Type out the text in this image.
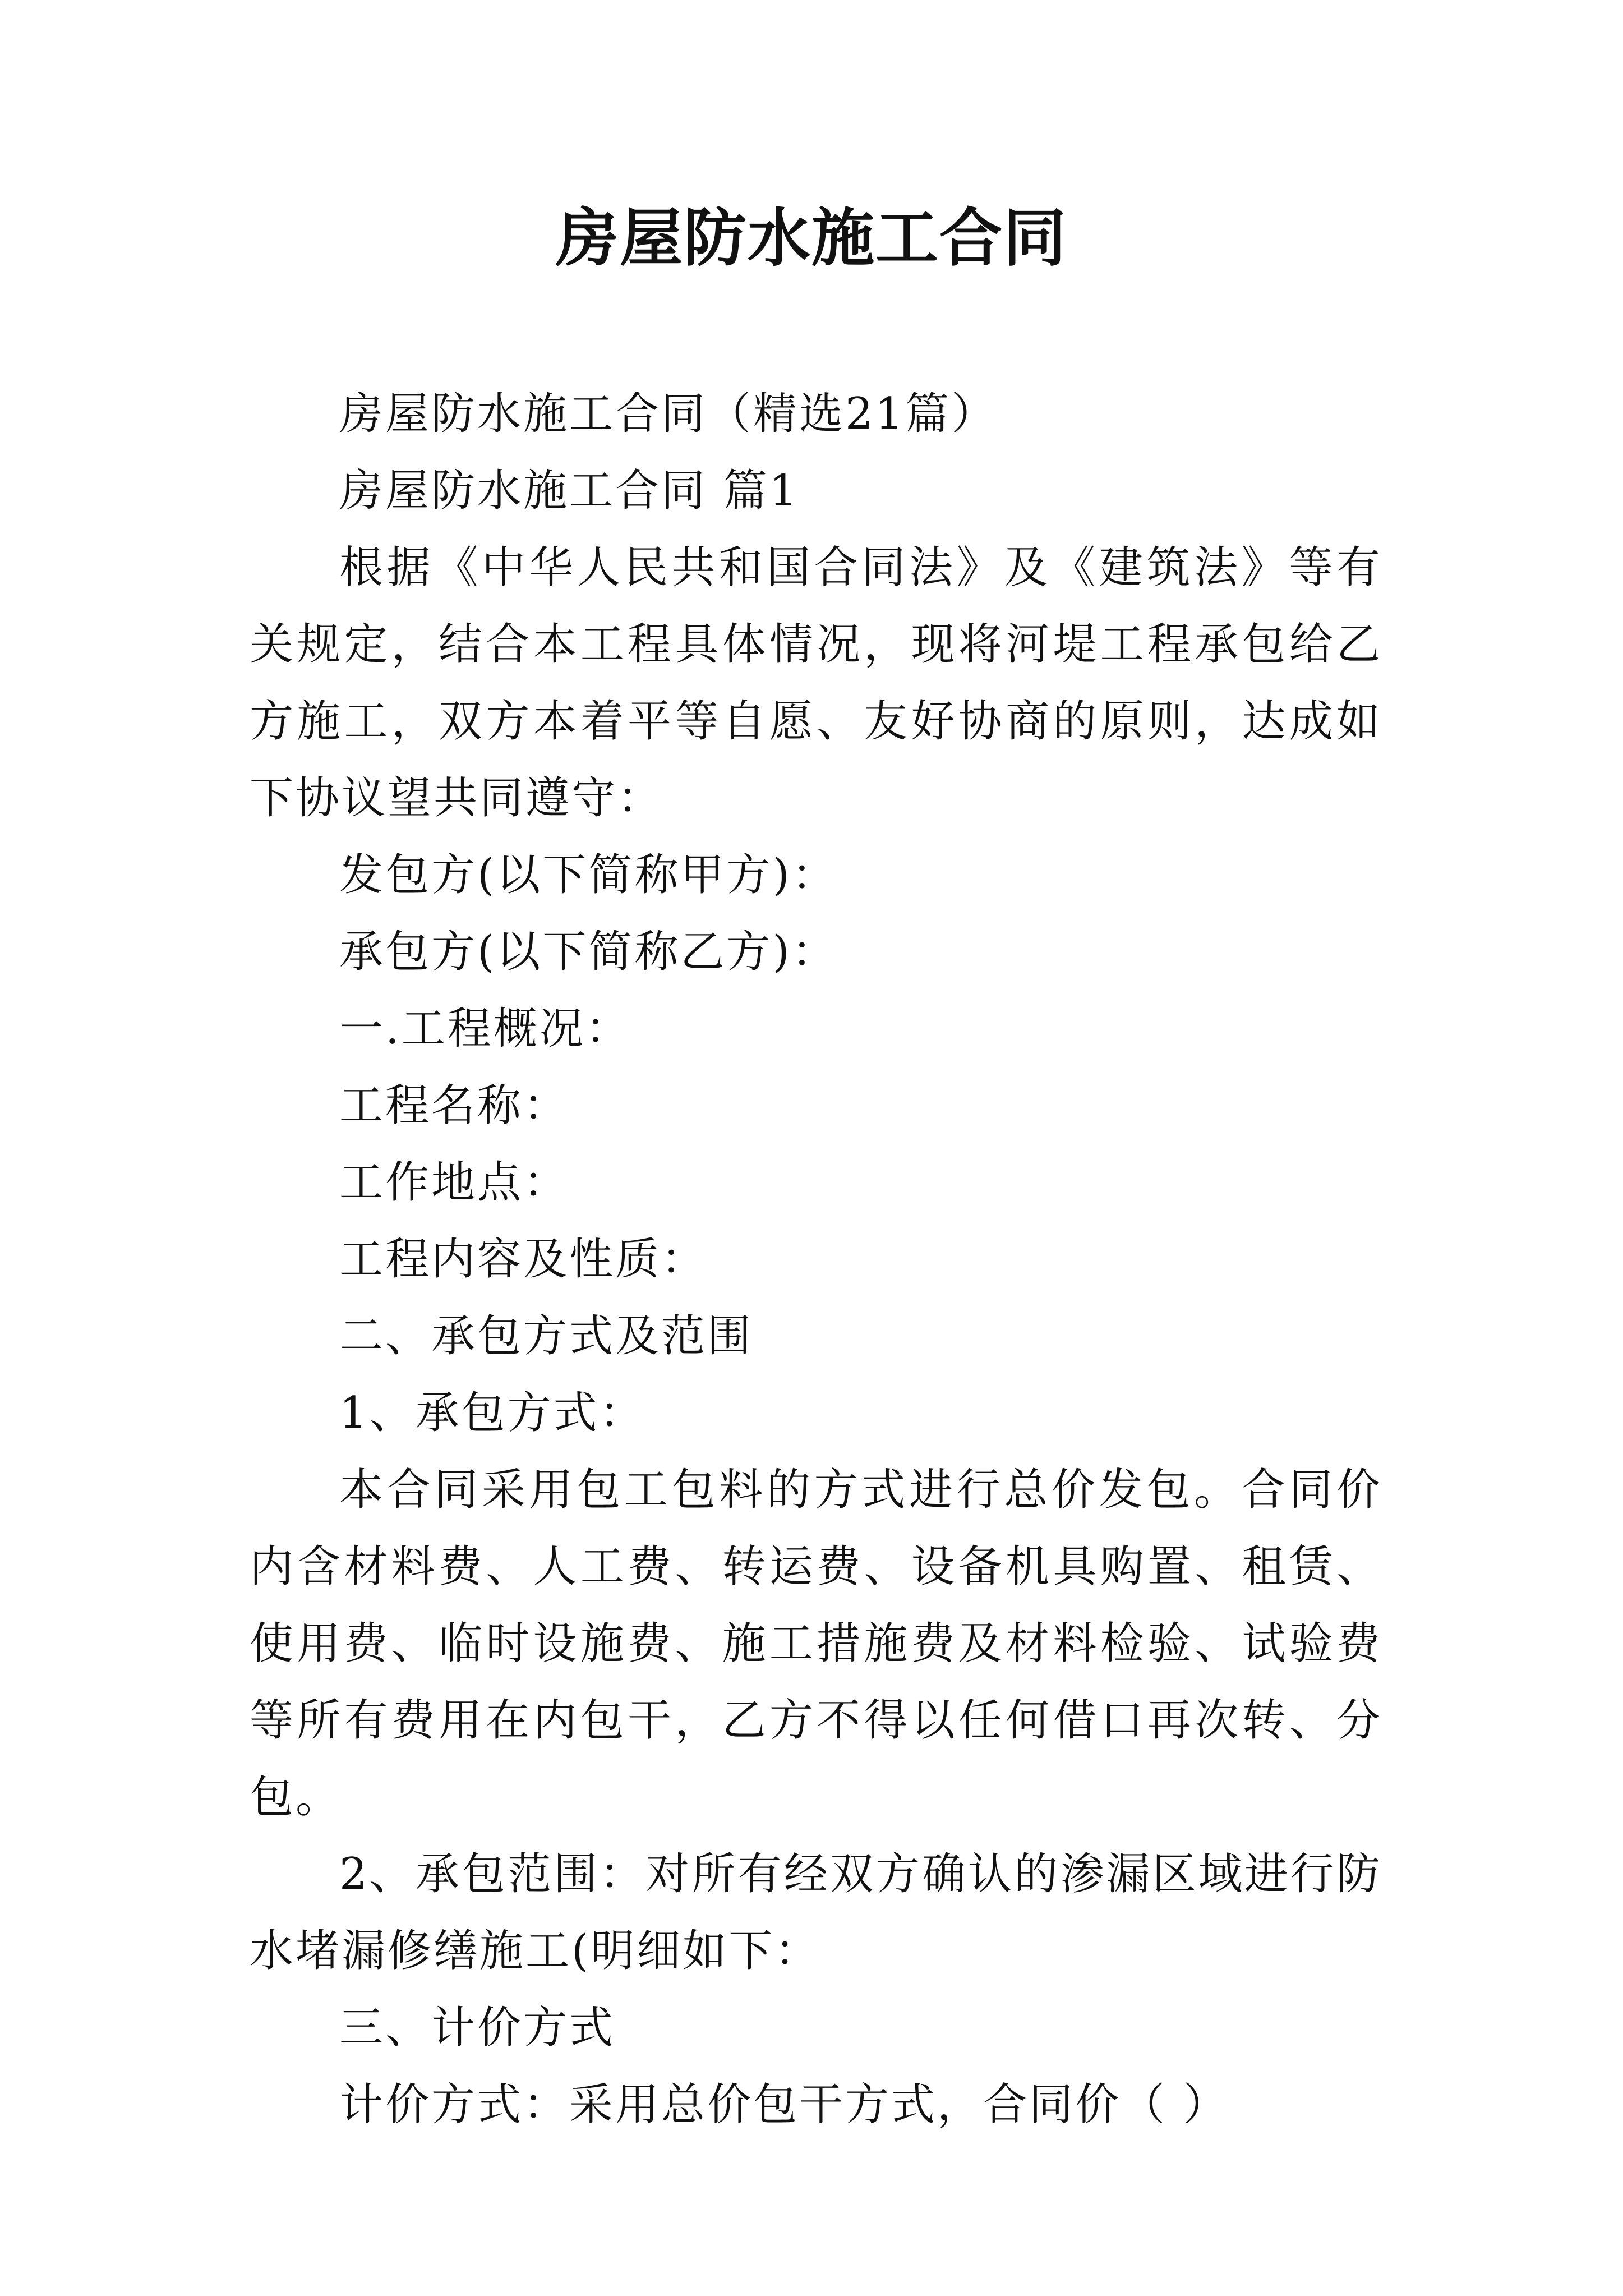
房屋防水施工合同

房屋防水施工合同（精选21篇）

房屋防水施工合同 篇1

根据《中华人民共和国合同法》及《建筑法》等有关规定，结合本工程具体情况，现将河堤工程承包给乙方施工，双方本着平等自愿、友好协商的原则，达成如下协议望共同遵守：

发包方(以下简称甲方)：

承包方(以下简称乙方)：

一.工程概况：

工程名称：

工作地点：

工程内容及性质：

二、承包方式及范围

1、承包方式：

本合同采用包工包料的方式进行总价发包。合同价内含材料费、人工费、转运费、设备机具购置、租赁、使用费、临时设施费、施工措施费及材料检验、试验费等所有费用在内包干，乙方不得以任何借口再次转、分包。

2、承包范围：对所有经双方确认的渗漏区域进行防水堵漏修缮施工(明细如下：

三、计价方式

计价方式：采用总价包干方式，合同价（ ）
